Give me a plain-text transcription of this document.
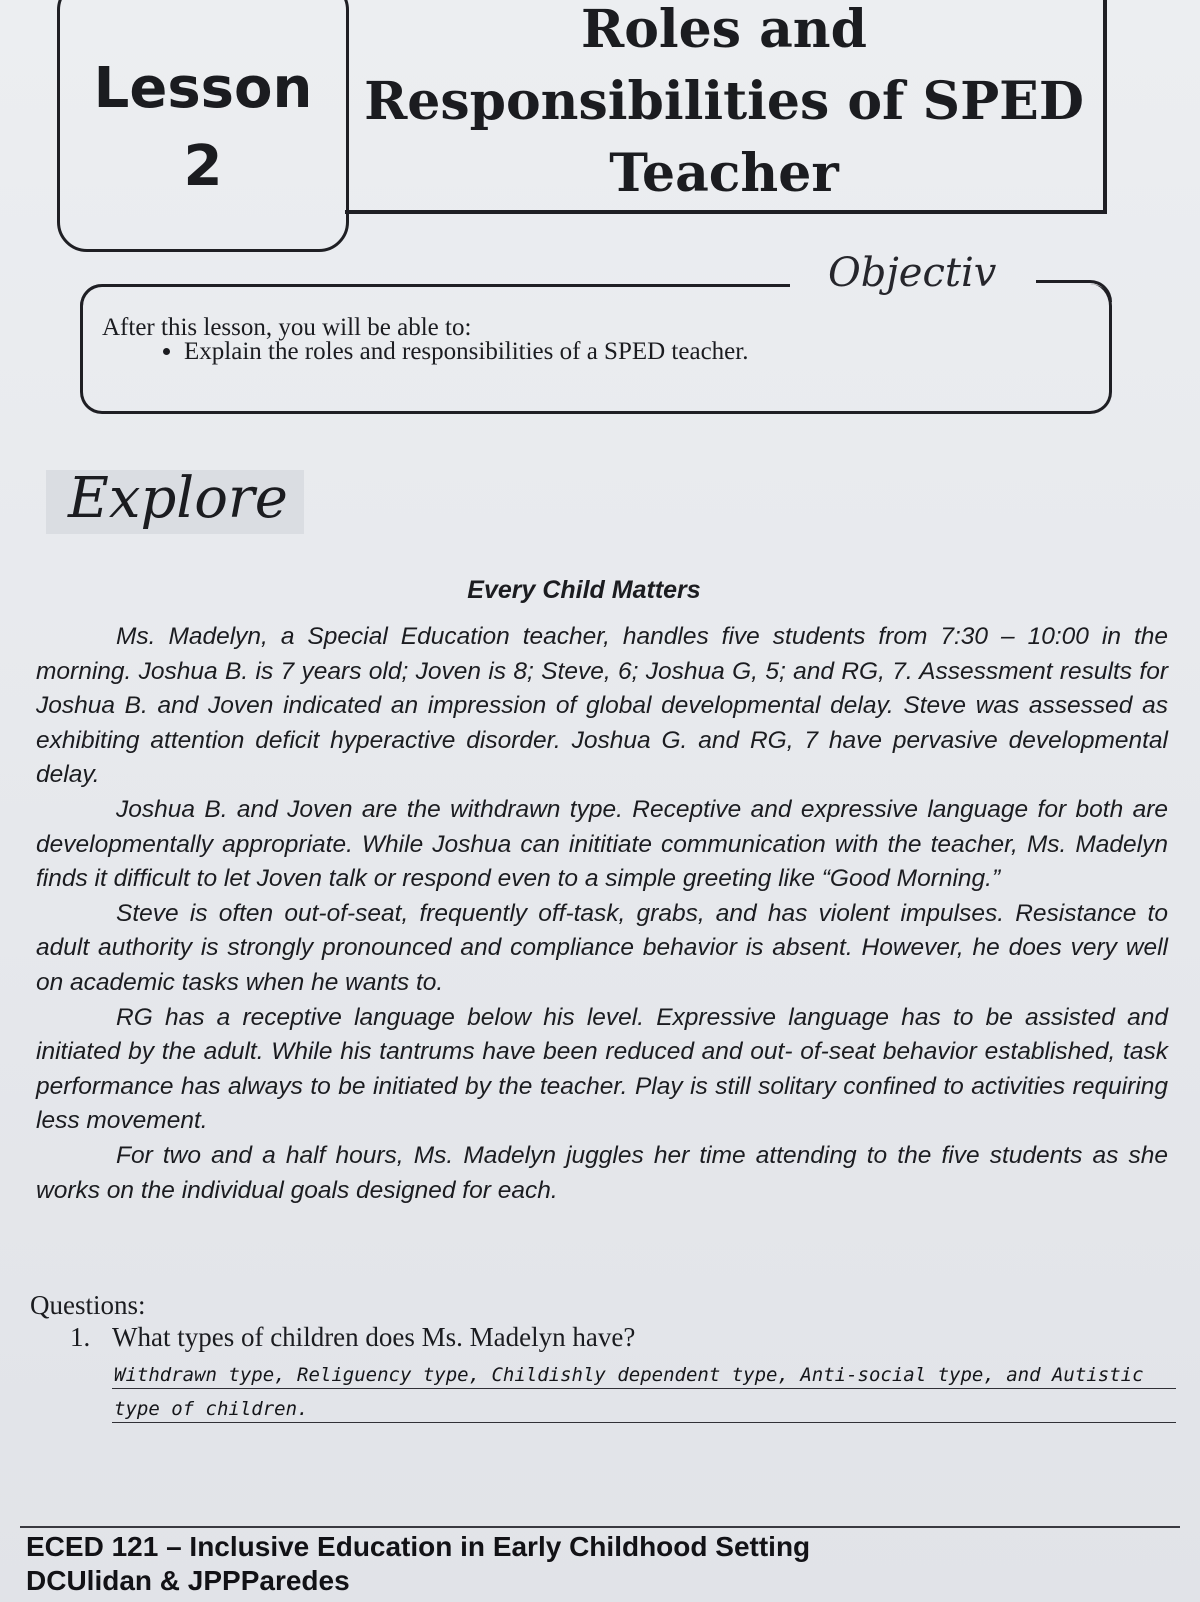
Lesson
2
Roles and
Responsibilities of SPED
Teacher
Objectiv
After this lesson, you will be able to:
• Explain the roles and responsibilities of a SPED teacher.
Explore
Every Child Matters

Ms. Madelyn, a Special Education teacher, handles five students from 7:30 – 10:00 in the morning. Joshua B. is 7 years old; Joven is 8; Steve, 6; Joshua G, 5; and RG, 7. Assessment results for Joshua B. and Joven indicated an impression of global developmental delay. Steve was assessed as exhibiting attention deficit hyperactive disorder. Joshua G. and RG, 7 have pervasive developmental delay.

Joshua B. and Joven are the withdrawn type. Receptive and expressive language for both are developmentally appropriate. While Joshua can inititiate communication with the teacher, Ms. Madelyn finds it difficult to let Joven talk or respond even to a simple greeting like “Good Morning.”

Steve is often out-of-seat, frequently off-task, grabs, and has violent impulses. Resistance to adult authority is strongly pronounced and compliance behavior is absent. However, he does very well on academic tasks when he wants to.

RG has a receptive language below his level. Expressive language has to be assisted and initiated by the adult. While his tantrums have been reduced and out- of-seat behavior established, task performance has always to be initiated by the teacher. Play is still solitary confined to activities requiring less movement.

For two and a half hours, Ms. Madelyn juggles her time attending to the five students as she works on the individual goals designed for each.

Questions:
1. What types of children does Ms. Madelyn have?
Withdrawn type, Religuency type, Childishly dependent type, Anti-social type, and Autistic type of children.
ECED 121 – Inclusive Education in Early Childhood Setting
DCUlidan & JPPParedes
